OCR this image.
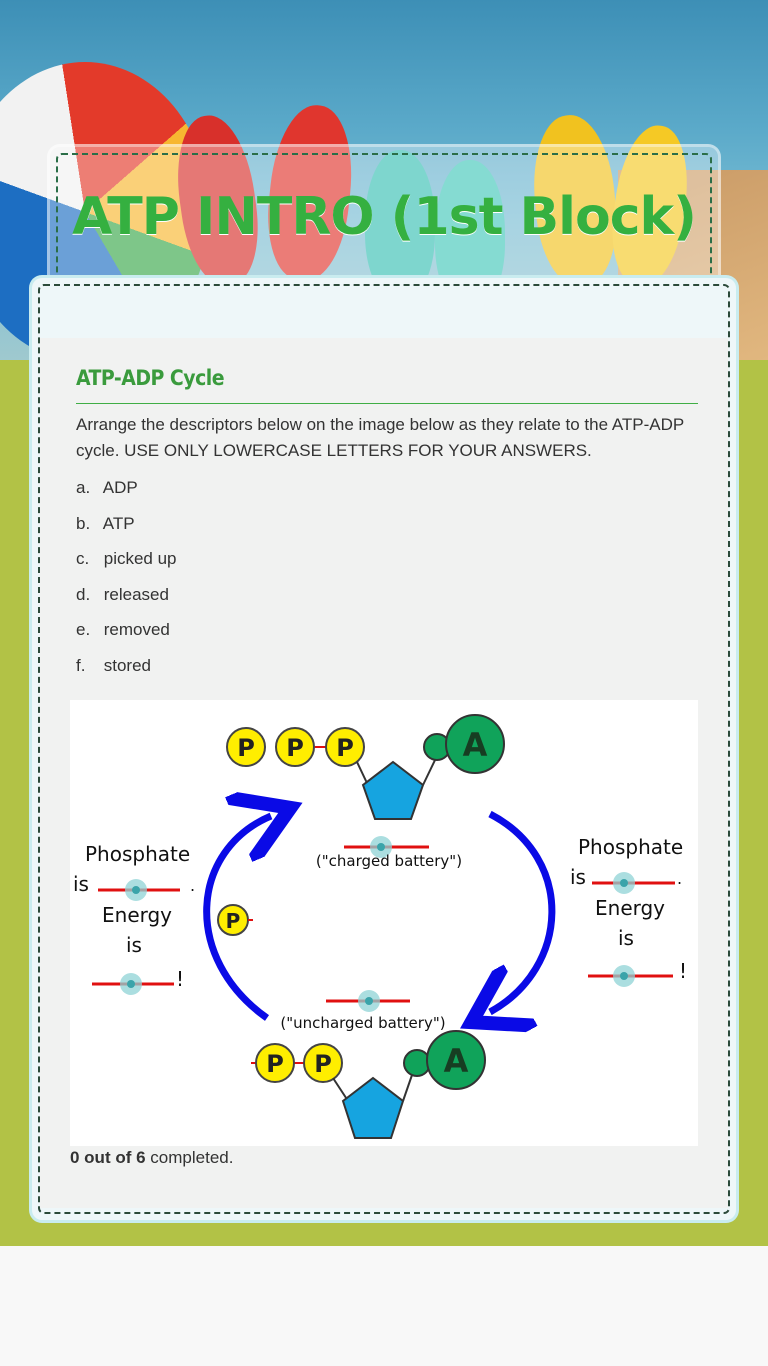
ATP INTRO (1st Block)
ATP-ADP Cycle
Arrange the descriptors below on the image below as they relate to the ATP-ADP cycle. USE ONLY LOWERCASE LETTERS FOR YOUR ANSWERS.
a. ADP
b. ATP
c. picked up
d. released
e. removed
f. stored
P P P	A
("charged battery")
P
Phosphate
is	.
Energy
is
!
Phosphate
is	.
Energy
is
!
("uncharged battery")
P P	A
0 out of 6 completed.
